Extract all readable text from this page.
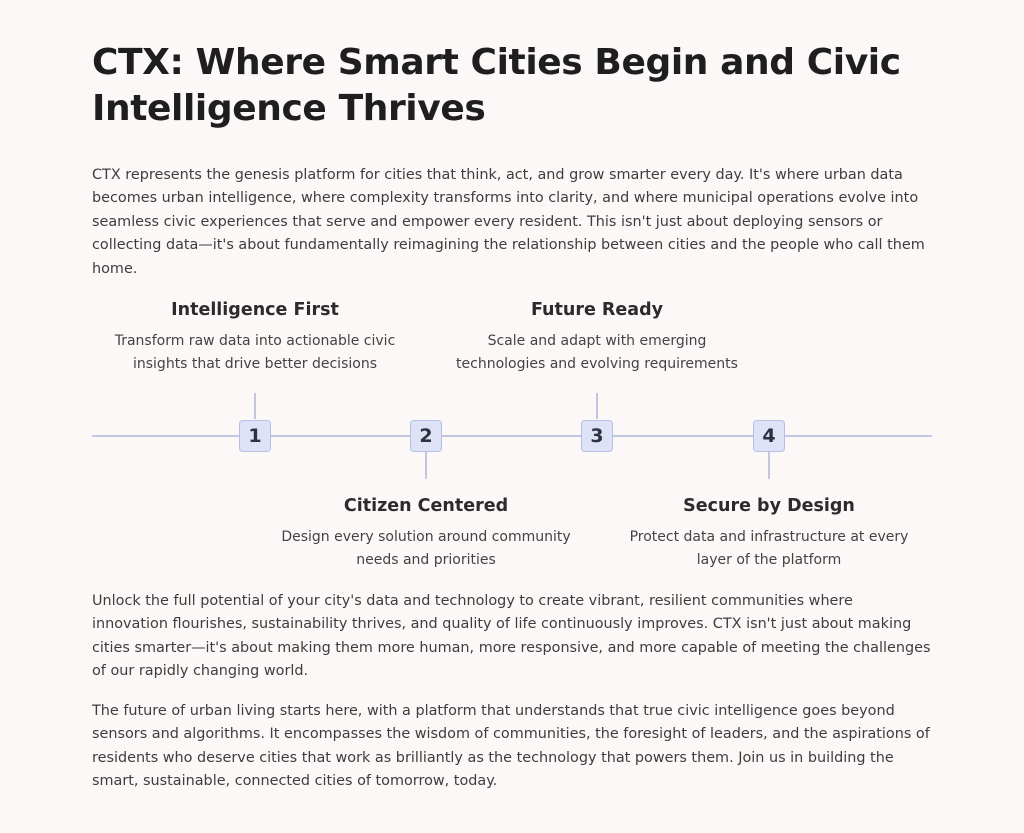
CTX: Where Smart Cities Begin and Civic Intelligence Thrives

CTX represents the genesis platform for cities that think, act, and grow smarter every day. It's where urban data becomes urban intelligence, where complexity transforms into clarity, and where municipal operations evolve into seamless civic experiences that serve and empower every resident. This isn't just about deploying sensors or collecting data—it's about fundamentally reimagining the relationship between cities and the people who call them home.

Intelligence First

Transform raw data into actionable civic insights that drive better decisions

1	2
Citizen Centered

Design every solution around community needs and priorities

Future Ready

Scale and adapt with emerging technologies and evolving requirements

3	4
Secure by Design

Protect data and infrastructure at every layer of the platform

Unlock the full potential of your city's data and technology to create vibrant, resilient communities where innovation flourishes, sustainability thrives, and quality of life continuously improves. CTX isn't just about making cities smarter—it's about making them more human, more responsive, and more capable of meeting the challenges of our rapidly changing world.

The future of urban living starts here, with a platform that understands that true civic intelligence goes beyond sensors and algorithms. It encompasses the wisdom of communities, the foresight of leaders, and the aspirations of residents who deserve cities that work as brilliantly as the technology that powers them. Join us in building the smart, sustainable, connected cities of tomorrow, today.
